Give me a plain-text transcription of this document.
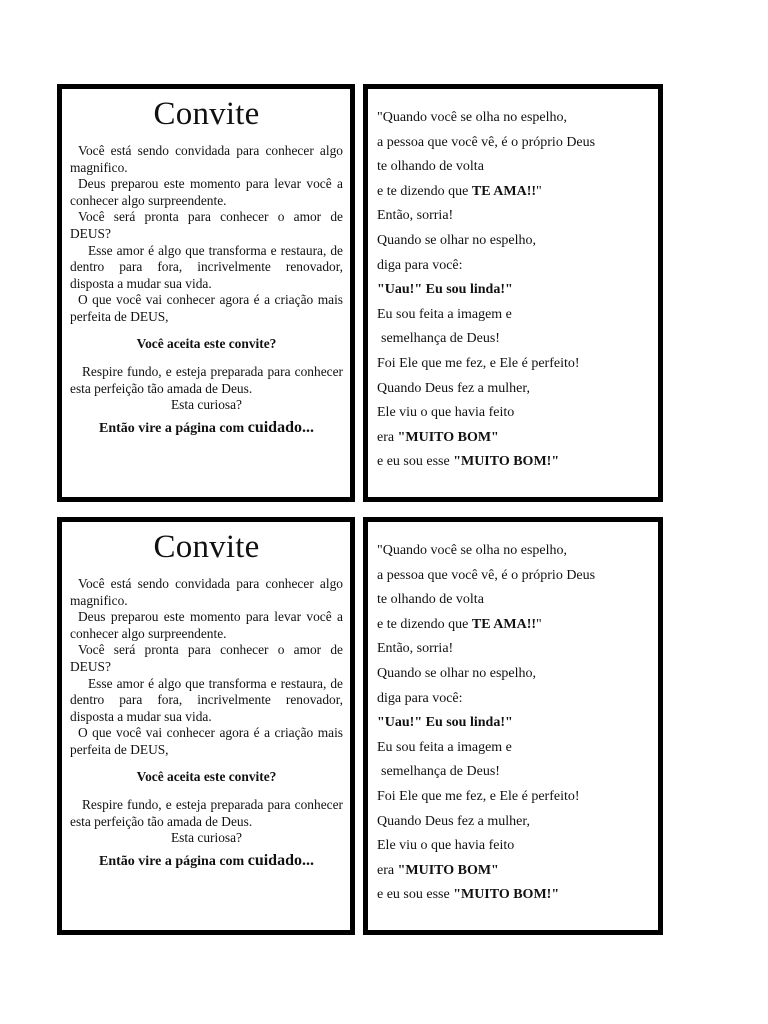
Convite

Você está sendo convidada para conhecer algo magnifico.

Deus preparou este momento para levar você a conhecer algo surpreendente.

Você será pronta para conhecer o amor de DEUS?

Esse amor é algo que transforma e restaura, de dentro para fora, incrivelmente renovador, disposta a mudar sua vida.

O que você vai conhecer agora é a criação mais perfeita de DEUS,

Você aceita este convite?

Respire fundo, e esteja preparada para conhecer esta perfeição tão amada de Deus.

Esta curiosa?

Então vire a página com cuidado...

"Quando você se olha no espelho,
a pessoa que você vê, é o próprio Deus
te olhando de volta
e te dizendo que TE AMA!!"
Então, sorria!
Quando se olhar no espelho,
diga para você:
"Uau!" Eu sou linda!"
Eu sou feita a imagem e
semelhança de Deus!
Foi Ele que me fez, e Ele é perfeito!
Quando Deus fez a mulher,
Ele viu o que havia feito
era "MUITO BOM"
e eu sou esse "MUITO BOM!"
Convite

Você está sendo convidada para conhecer algo magnifico.

Deus preparou este momento para levar você a conhecer algo surpreendente.

Você será pronta para conhecer o amor de DEUS?

Esse amor é algo que transforma e restaura, de dentro para fora, incrivelmente renovador, disposta a mudar sua vida.

O que você vai conhecer agora é a criação mais perfeita de DEUS,

Você aceita este convite?

Respire fundo, e esteja preparada para conhecer esta perfeição tão amada de Deus.

Esta curiosa?

Então vire a página com cuidado...

"Quando você se olha no espelho,
a pessoa que você vê, é o próprio Deus
te olhando de volta
e te dizendo que TE AMA!!"
Então, sorria!
Quando se olhar no espelho,
diga para você:
"Uau!" Eu sou linda!"
Eu sou feita a imagem e
semelhança de Deus!
Foi Ele que me fez, e Ele é perfeito!
Quando Deus fez a mulher,
Ele viu o que havia feito
era "MUITO BOM"
e eu sou esse "MUITO BOM!"
